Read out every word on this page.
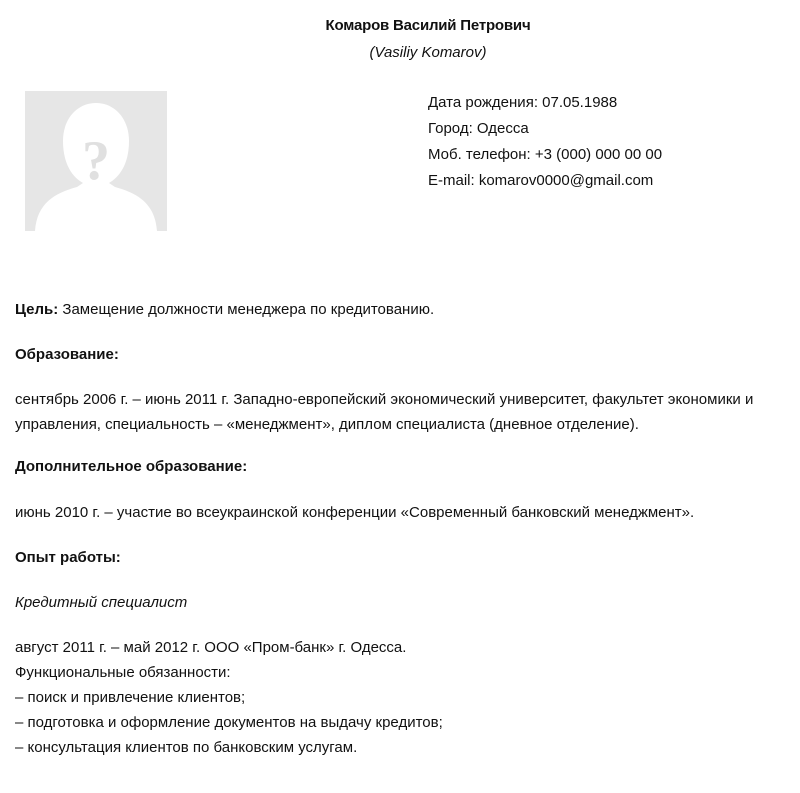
Комаров Василий Петрович
(Vasiliy Komarov)
?
Дата рождения: 07.05.1988
Город: Одесса
Моб. телефон: +3 (000) 000 00 00
E-mail: komarov0000@gmail.com
Цель: Замещение должности менеджера по кредитованию.
Образование:
сентябрь 2006 г. – июнь 2011 г. Западно-европейский экономический университет, факультет экономики и
управления, специальность – «менеджмент», диплом специалиста (дневное отделение).
Дополнительное образование:
июнь 2010 г. – участие во всеукраинской конференции «Современный банковский менеджмент».
Опыт работы:
Кредитный специалист
август 2011 г. – май 2012 г. ООО «Пром-банк» г. Одесса.
Функциональные обязанности:
– поиск и привлечение клиентов;
– подготовка и оформление документов на выдачу кредитов;
– консультация клиентов по банковским услугам.
